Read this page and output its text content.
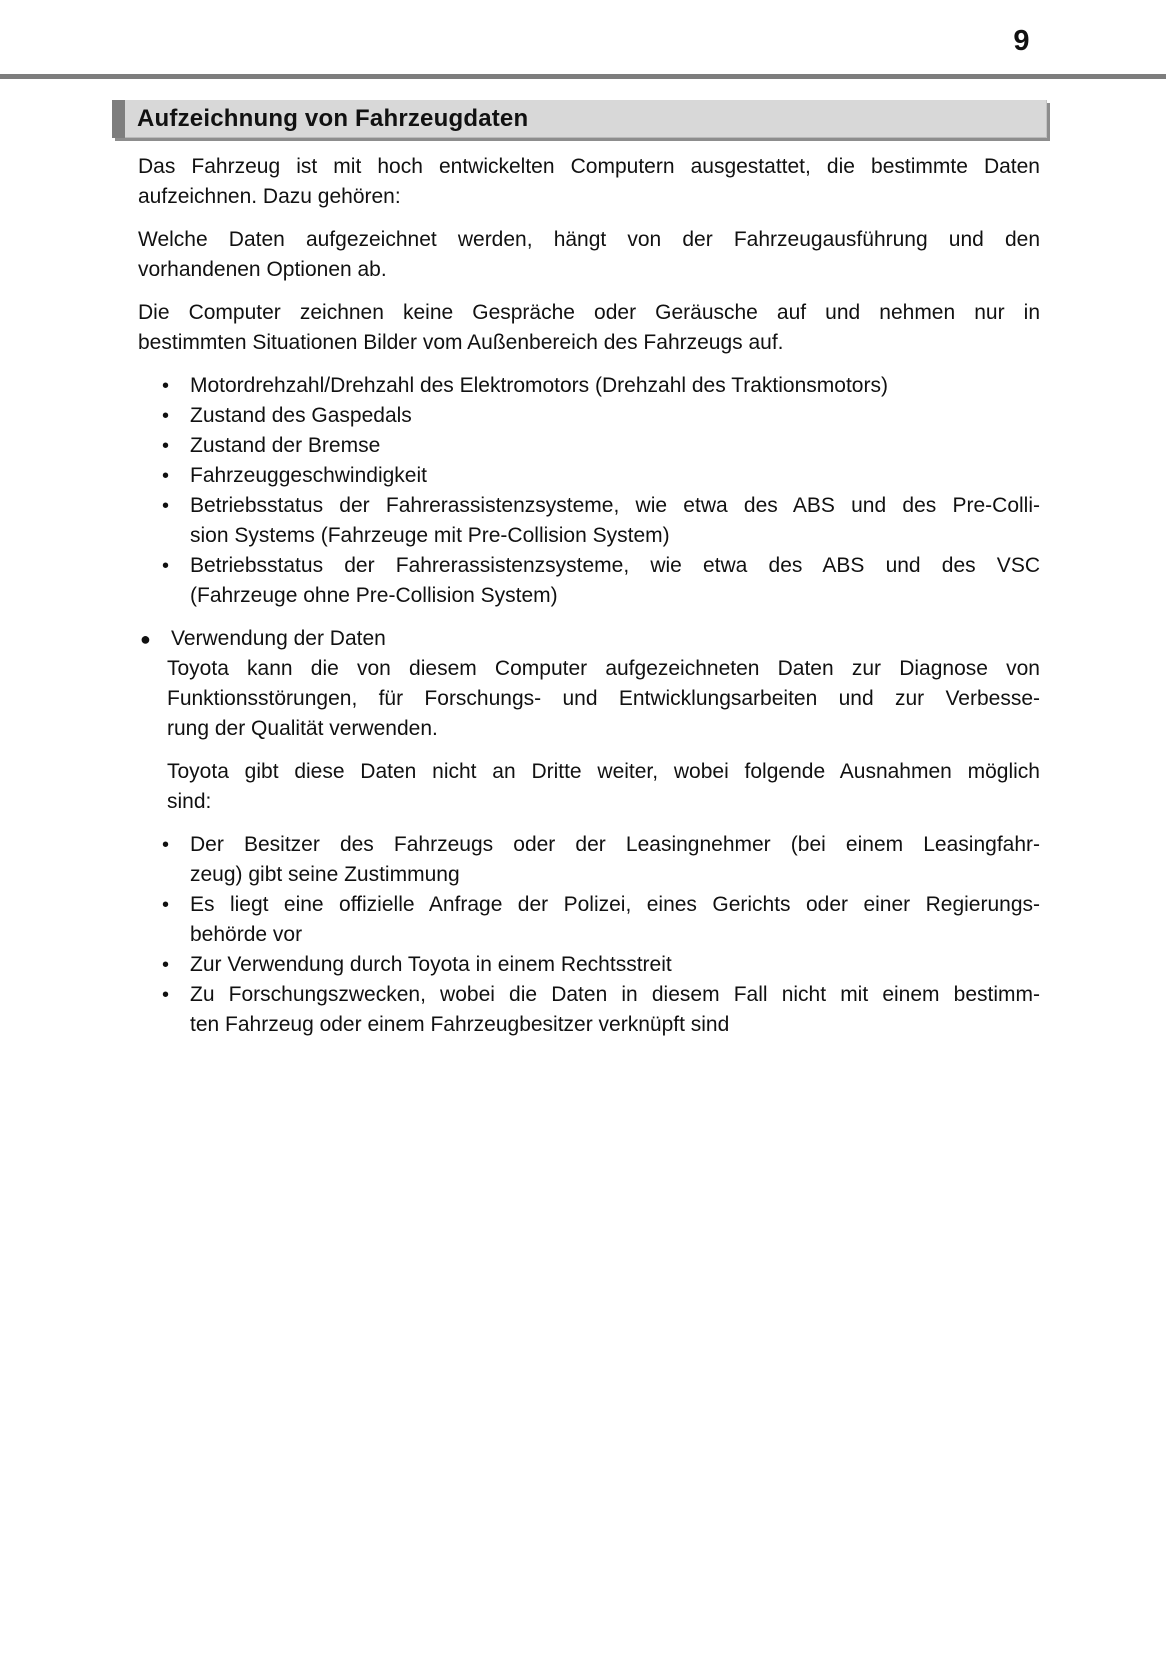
9
Aufzeichnung von Fahrzeugdaten
Das Fahrzeug ist mit hoch entwickelten Computern ausgestattet, die bestimmte Daten
aufzeichnen. Dazu gehören:
Welche Daten aufgezeichnet werden, hängt von der Fahrzeugausführung und den
vorhandenen Optionen ab.
Die Computer zeichnen keine Gespräche oder Geräusche auf und nehmen nur in
bestimmten Situationen Bilder vom Außenbereich des Fahrzeugs auf.
• Motordrehzahl/Drehzahl des Elektromotors (Drehzahl des Traktionsmotors)
• Zustand des Gaspedals
• Zustand der Bremse
• Fahrzeuggeschwindigkeit
• Betriebsstatus der Fahrerassistenzsysteme, wie etwa des ABS und des Pre-Colli-
sion Systems (Fahrzeuge mit Pre-Collision System)
• Betriebsstatus der Fahrerassistenzsysteme, wie etwa des ABS und des VSC
(Fahrzeuge ohne Pre-Collision System)
● Verwendung der Daten
Toyota kann die von diesem Computer aufgezeichneten Daten zur Diagnose von
Funktionsstörungen, für Forschungs- und Entwicklungsarbeiten und zur Verbesse-
rung der Qualität verwenden.
Toyota gibt diese Daten nicht an Dritte weiter, wobei folgende Ausnahmen möglich
sind:
• Der Besitzer des Fahrzeugs oder der Leasingnehmer (bei einem Leasingfahr-
zeug) gibt seine Zustimmung
• Es liegt eine offizielle Anfrage der Polizei, eines Gerichts oder einer Regierungs-
behörde vor
• Zur Verwendung durch Toyota in einem Rechtsstreit
• Zu Forschungszwecken, wobei die Daten in diesem Fall nicht mit einem bestimm-
ten Fahrzeug oder einem Fahrzeugbesitzer verknüpft sind
